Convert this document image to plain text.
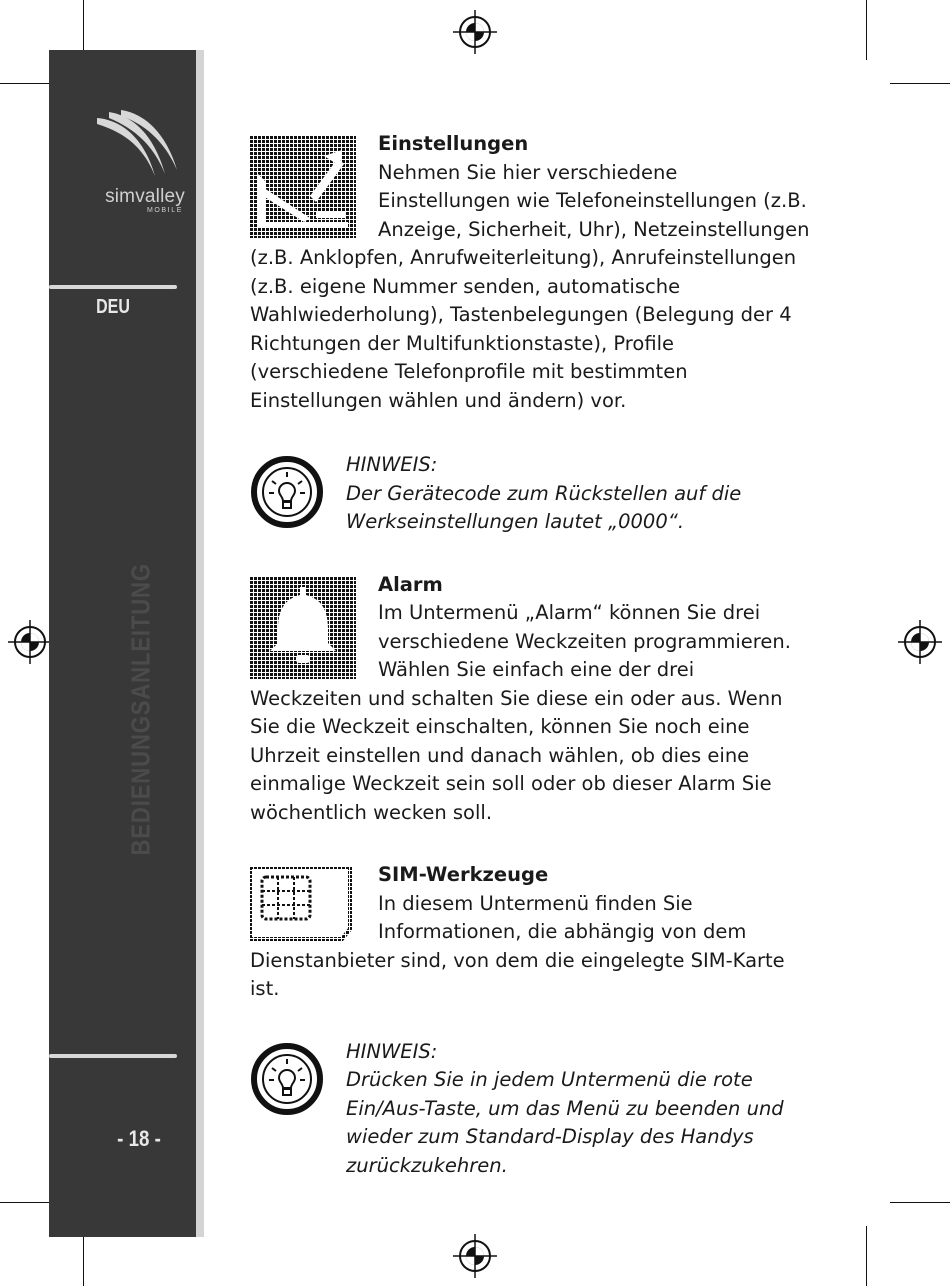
simvalley
MOBILE
DEU
BEDIENUNGSANLEITUNG
- 18 -

Einstellungen

Nehmen Sie hier verschiedene Einstellungen wie Telefoneinstellungen (z.B. Anzeige, Sicherheit, Uhr), Netzeinstellungen (z.B. Anklopfen, Anrufweiterleitung), Anrufeinstellungen (z.B. eigene Nummer senden, automatische Wahlwiederholung), Tastenbelegungen (Belegung der 4 Richtungen der Multifunktionstaste), Profile (verschiedene Telefonprofile mit bestimmten Einstellungen wählen und ändern) vor.

HINWEIS:

Der Gerätecode zum Rückstellen auf die Werkseinstellungen lautet „0000“.

Alarm

Im Untermenü „Alarm“ können Sie drei verschiedene Weckzeiten programmieren. Wählen Sie einfach eine der drei Weckzeiten und schalten Sie diese ein oder aus. Wenn Sie die Weckzeit einschalten, können Sie noch eine Uhrzeit einstellen und danach wählen, ob dies eine einmalige Weckzeit sein soll oder ob dieser Alarm Sie wöchentlich wecken soll.

SIM-Werkzeuge

In diesem Untermenü finden Sie Informationen, die abhängig von dem Dienstanbieter sind, von dem die eingelegte SIM-Karte ist.

HINWEIS:

Drücken Sie in jedem Untermenü die rote Ein/Aus-Taste, um das Menü zu beenden und wieder zum Standard-Display des Handys zurückzukehren.
